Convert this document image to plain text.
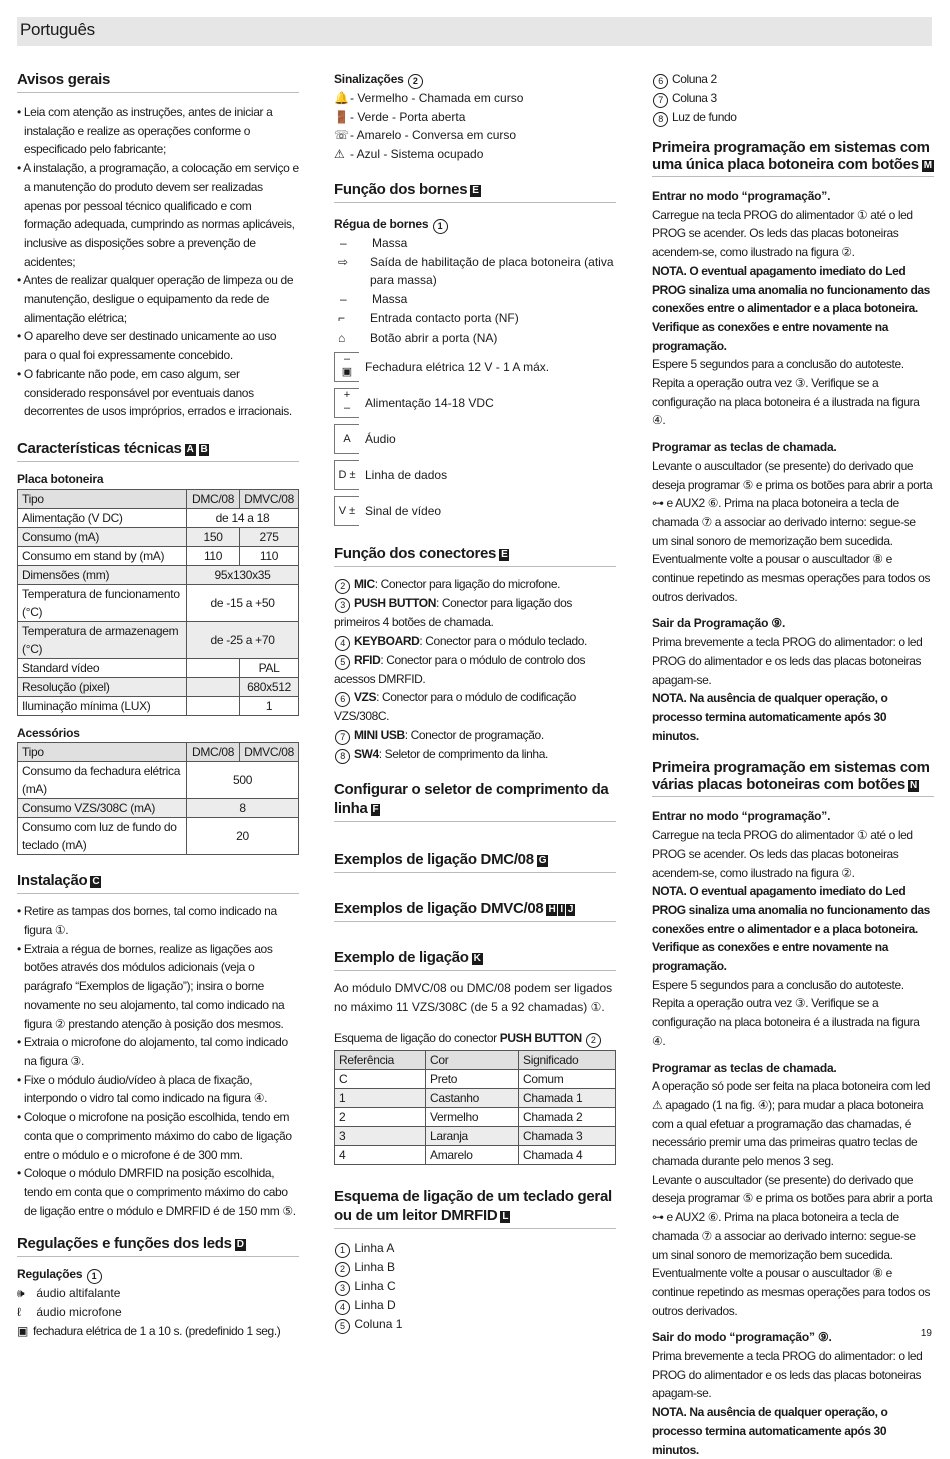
Português
Avisos gerais

• Leia com atenção as instruções, antes de iniciar a instalação e realize as operações conforme o especificado pelo fabricante;

• A instalação, a programação, a colocação em serviço e a manutenção do produto devem ser realizadas apenas por pessoal técnico qualificado e com formação adequada, cumprindo as normas aplicáveis, inclusive as disposições sobre a prevenção de acidentes;

• Antes de realizar qualquer operação de limpeza ou de manutenção, desligue o equipamento da rede de alimentação elétrica;

• O aparelho deve ser destinado unicamente ao uso para o qual foi expressamente concebido.

• O fabricante não pode, em caso algum, ser considerado responsável por eventuais danos decorrentes de usos impróprios, errados e irracionais.

Características técnicas A B
Placa botoneira
Tipo	DMC/08	DMVC/08
Alimentação (V DC)	de 14 a 18	
Consumo (mA)	150	275
Consumo em stand by (mA)	110	110
Dimensões (mm)	95x130x35	
Temperatura de funcionamento (°C)	de -15 a +50	
Temperatura de armazenagem (°C)	de -25 a +70	
Standard vídeo		PAL
Resolução (pixel)		680x512
Iluminação mínima (LUX)		1
Acessórios
Tipo	DMC/08	DMVC/08
Consumo da fechadura elétrica (mA)	500	
Consumo VZS/308C (mA)	8	
Consumo com luz de fundo do teclado (mA)	20	
Instalação C

• Retire as tampas dos bornes, tal como indicado na figura ①.

• Extraia a régua de bornes, realize as ligações aos botões através dos módulos adicionais (veja o parágrafo “Exemplos de ligação”); insira o borne novamente no seu alojamento, tal como indicado na figura ② prestando atenção à posição dos mesmos.

• Extraia o microfone do alojamento, tal como indicado na figura ③.

• Fixe o módulo áudio/vídeo à placa de fixação, interpondo o vidro tal como indicado na figura ④.

• Coloque o microfone na posição escolhida, tendo em conta que o comprimento máximo do cabo de ligação entre o módulo e o microfone é de 300 mm.

• Coloque o módulo DMRFID na posição escolhida, tendo em conta que o comprimento máximo do cabo de ligação entre o módulo e DMRFID é de 150 mm ⑤.

Regulações e funções dos leds D
Regulações 1

🕪 áudio altifalante

ℓ áudio microfone

▣ fechadura elétrica de 1 a 10 s. (predefinido 1 seg.)

Sinalizações 2

🔔- Vermelho - Chamada em curso

🚪- Verde - Porta aberta

☏- Amarelo - Conversa em curso

⚠ - Azul - Sistema ocupado

Função dos bornes E
Régua de bornes 1
–	Massa
⇨	Saída de habilitação de placa botoneira (ativa para massa)
–	Massa
⌐	Entrada contacto porta (NF)
⌂	Botão abrir a porta (NA)
–
▣	Fechadura elétrica 12 V - 1 A máx.
+
–	Alimentação 14-18 VDC
A	Áudio
D ± Linha de dados
V ± Sinal de vídeo
Função dos conectores E

2 MIC: Conector para ligação do microfone.

3 PUSH BUTTON: Conector para ligação dos primeiros 4 botões de chamada.

4 KEYBOARD: Conector para o módulo teclado.

5 RFID: Conector para o módulo de controlo dos acessos DMRFID.

6 VZS: Conector para o módulo de codificação VZS/308C.

7 MINI USB: Conector de programação.

8 SW4: Seletor de comprimento da linha.

Configurar o seletor de comprimento da linha F
Exemplos de ligação DMC/08 G
Exemplos de ligação DMVC/08 H I J
Exemplo de ligação K

Ao módulo DMVC/08 ou DMC/08 podem ser ligados no máximo 11 VZS/308C (de 5 a 92 chamadas) ①.

Esquema de ligação do conector PUSH BUTTON 2

Referência	Cor	Significado
C	Preto	Comum
1	Castanho	Chamada 1
2	Vermelho	Chamada 2
3	Laranja	Chamada 3
4	Amarelo	Chamada 4
Esquema de ligação de um teclado geral ou de um leitor DMRFID L

1 Linha A

2 Linha B

3 Linha C

4 Linha D

5 Coluna 1

6 Coluna 2

7 Coluna 3

8 Luz de fundo

Primeira programação em sistemas com uma única placa botoneira com botões M
Entrar no modo “programação”.

Carregue na tecla PROG do alimentador ① até o led PROG se acender. Os leds das placas botoneiras acendem-se, como ilustrado na figura ②.

NOTA. O eventual apagamento imediato do Led PROG sinaliza uma anomalia no funcionamento das conexões entre o alimentador e a placa botoneira. Verifique as conexões e entre novamente na programação.

Espere 5 segundos para a conclusão do autoteste. Repita a operação outra vez ③. Verifique se a configuração na placa botoneira é a ilustrada na figura ④.

Programar as teclas de chamada.

Levante o auscultador (se presente) do derivado que deseja programar ⑤ e prima os botões para abrir a porta ⊶ e AUX2 ⑥. Prima na placa botoneira a tecla de chamada ⑦ a associar ao derivado interno: segue-se um sinal sonoro de memorização bem sucedida. Eventualmente volte a pousar o auscultador ⑧ e continue repetindo as mesmas operações para todos os outros derivados.

Sair da Programação ⑨.

Prima brevemente a tecla PROG do alimentador: o led PROG do alimentador e os leds das placas botoneiras apagam-se.

NOTA. Na ausência de qualquer operação, o processo termina automaticamente após 30 minutos.

Primeira programação em sistemas com várias placas botoneiras com botões N
Entrar no modo “programação”.

Carregue na tecla PROG do alimentador ① até o led PROG se acender. Os leds das placas botoneiras acendem-se, como ilustrado na figura ②.

NOTA. O eventual apagamento imediato do Led PROG sinaliza uma anomalia no funcionamento das conexões entre o alimentador e a placa botoneira. Verifique as conexões e entre novamente na programação.

Espere 5 segundos para a conclusão do autoteste. Repita a operação outra vez ③. Verifique se a configuração na placa botoneira é a ilustrada na figura ④.

Programar as teclas de chamada.

A operação só pode ser feita na placa botoneira com led ⚠ apagado (1 na fig. ④); para mudar a placa botoneira com a qual efetuar a programação das chamadas, é necessário premir uma das primeiras quatro teclas de chamada durante pelo menos 3 seg.

Levante o auscultador (se presente) do derivado que deseja programar ⑤ e prima os botões para abrir a porta ⊶ e AUX2 ⑥. Prima na placa botoneira a tecla de chamada ⑦ a associar ao derivado interno: segue-se um sinal sonoro de memorização bem sucedida. Eventualmente volte a pousar o auscultador ⑧ e continue repetindo as mesmas operações para todos os outros derivados.

Sair do modo “programação” ⑨.

Prima brevemente a tecla PROG do alimentador: o led PROG do alimentador e os leds das placas botoneiras apagam-se.

NOTA. Na ausência de qualquer operação, o processo termina automaticamente após 30 minutos.

19
